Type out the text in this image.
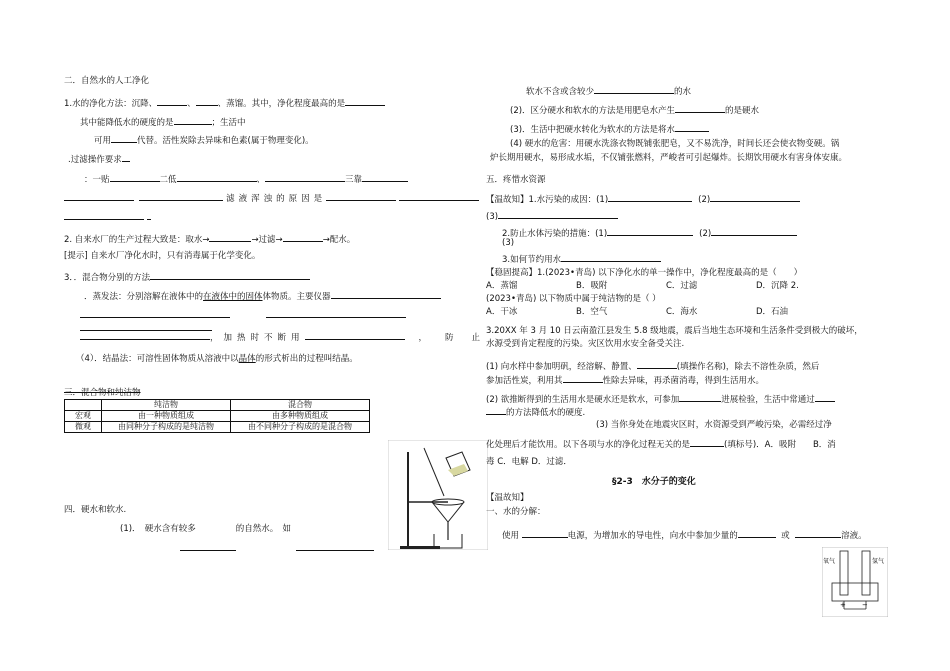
二．自然水的人工净化
1.水的净化方法：沉降、	、	、蒸馏。其中，净化程度最高的是
其中能降低水的硬度的是	；生活中
可用	代替。活性炭除去异味和色素(属于物理变化)。
.过滤操作要求
：一贴	二低	、	三靠
滤液浑浊的原因是
2. 自来水厂的生产过程大致是：取水→	→过滤→	→配水。
[提示] 自来水厂净化水时，只有消毒属于化学变化。
3．．混合物分别的方法
．蒸发法：分别溶解在液体中的在液体中的固体体物质。主要仪器
，加热时不断用	，防止
（4）．结晶法：可溶性固体物质从溶液中以晶体的形式析出的过程叫结晶。
三．混合物和纯洁物
	纯洁物	混合物
宏观	由一种物质组成	由多种物质组成
微观	由同种分子构成的是纯洁物	由不同种分子构成的是混合物
四．硬水和软水.
(1)．　硬水含有较多	的自然水。　如
软水不含或含较少	的水
(2)．区分硬水和软水的方法是用肥皂水产生	的是硬水
(3)．生活中把硬水转化为软水的方法是将水
(4) 硬水的危害：用硬水洗涤衣物既铺张肥皂，又不易洗净，时间长还会使衣物变硬。锅
炉长期用硬水，易形成水垢，不仅铺张燃料，严峻者可引起爆炸。长期饮用硬水有害身体安康。
五．疼惜水资源
【温故知】1.水污染的成因：(1)	(2)
(3)
2.防止水体污染的措施：(1)	(2)
(3)
3.如何节约用水
【稳固提高】1.(2023•青岛) 以下净化水的单一操作中，净化程度最高的是（　　）
A．蒸馏	B．吸附	C．过滤	D．沉降 2.
(2023•青岛) 以下物质中属于纯洁物的是（ ）
A．干冰	B．空气	C．海水	D．石油
3.20XX 年 3 月 10 日云南盈江县发生 5.8 级地震，震后当地生态环境和生活条件受到极大的破坏，
水源受到肯定程度的污染。灾区饮用水安全备受关注.
(1) 向水样中参加明矾，经溶解、静置、	(填操作名称)，除去不溶性杂质，然后
参加活性炭，利用其	性除去异味，再杀菌消毒，得到生活用水。
(2) 欲推断得到的生活用水是硬水还是软水，可参加	进展检验，生活中常通过
的方法降低水的硬度.
(3) 当你身处在地震灾区时，水资源受到严峻污染，必需经过净
化处理后才能饮用。以下各项与水的净化过程无关的是	(填标号)．A．吸附　　B．消
毒 C．电解 D．过滤．
§2-3　水分子的变化
【温故知】
一、水的分解：
使用	电源，为增加水的导电性，向水中参加少量的	或	溶液。
氧气	氢气
+ −
